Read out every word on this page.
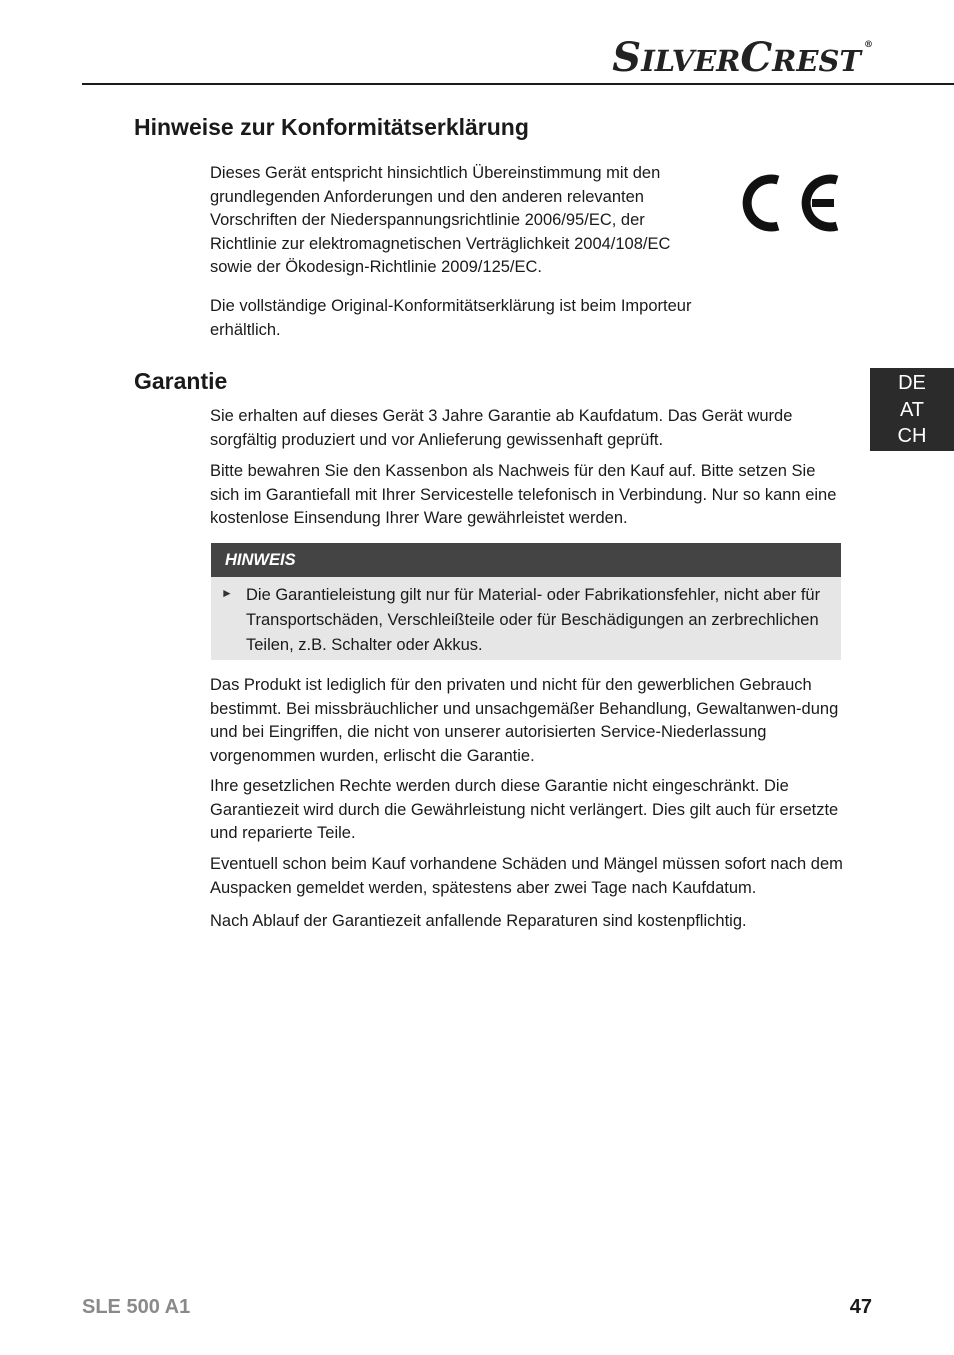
SILVERCREST ®
Hinweise zur Konformitätserklärung

Dieses Gerät entspricht hinsichtlich Übereinstimmung mit den grundlegenden Anforderungen und den anderen relevanten Vorschriften der Niederspannungsrichtlinie 2006/95/EC, der Richtlinie zur elektromagnetischen Verträglichkeit 2004/108/EC sowie der Ökodesign-Richtlinie 2009/125/EC.

Die vollständige Original-Konformitätserklärung ist beim Importeur erhältlich.

Garantie

Sie erhalten auf dieses Gerät 3 Jahre Garantie ab Kaufdatum. Das Gerät wurde sorgfältig produziert und vor Anlieferung gewissenhaft geprüft.

Bitte bewahren Sie den Kassenbon als Nachweis für den Kauf auf. Bitte setzen Sie sich im Garantiefall mit Ihrer Servicestelle telefonisch in Verbindung. Nur so kann eine kostenlose Einsendung Ihrer Ware gewährleistet werden.

DE
AT
CH
HINWEIS
► Die Garantieleistung gilt nur für Material- oder Fabrikationsfehler, nicht aber für Transportschäden, Verschleißteile oder für Beschädigungen an zerbrechlichen Teilen, z.B. Schalter oder Akkus.

Das Produkt ist lediglich für den privaten und nicht für den gewerblichen Gebrauch bestimmt. Bei missbräuchlicher und unsachgemäßer Behandlung, Gewaltanwen-dung und bei Eingriffen, die nicht von unserer autorisierten Service-Niederlassung vorgenommen wurden, erlischt die Garantie.

Ihre gesetzlichen Rechte werden durch diese Garantie nicht eingeschränkt. Die Garantiezeit wird durch die Gewährleistung nicht verlängert. Dies gilt auch für ersetzte und reparierte Teile.

Eventuell schon beim Kauf vorhandene Schäden und Mängel müssen sofort nach dem Auspacken gemeldet werden, spätestens aber zwei Tage nach Kaufdatum.

Nach Ablauf der Garantiezeit anfallende Reparaturen sind kostenpflichtig.

SLE 500 A1	47
